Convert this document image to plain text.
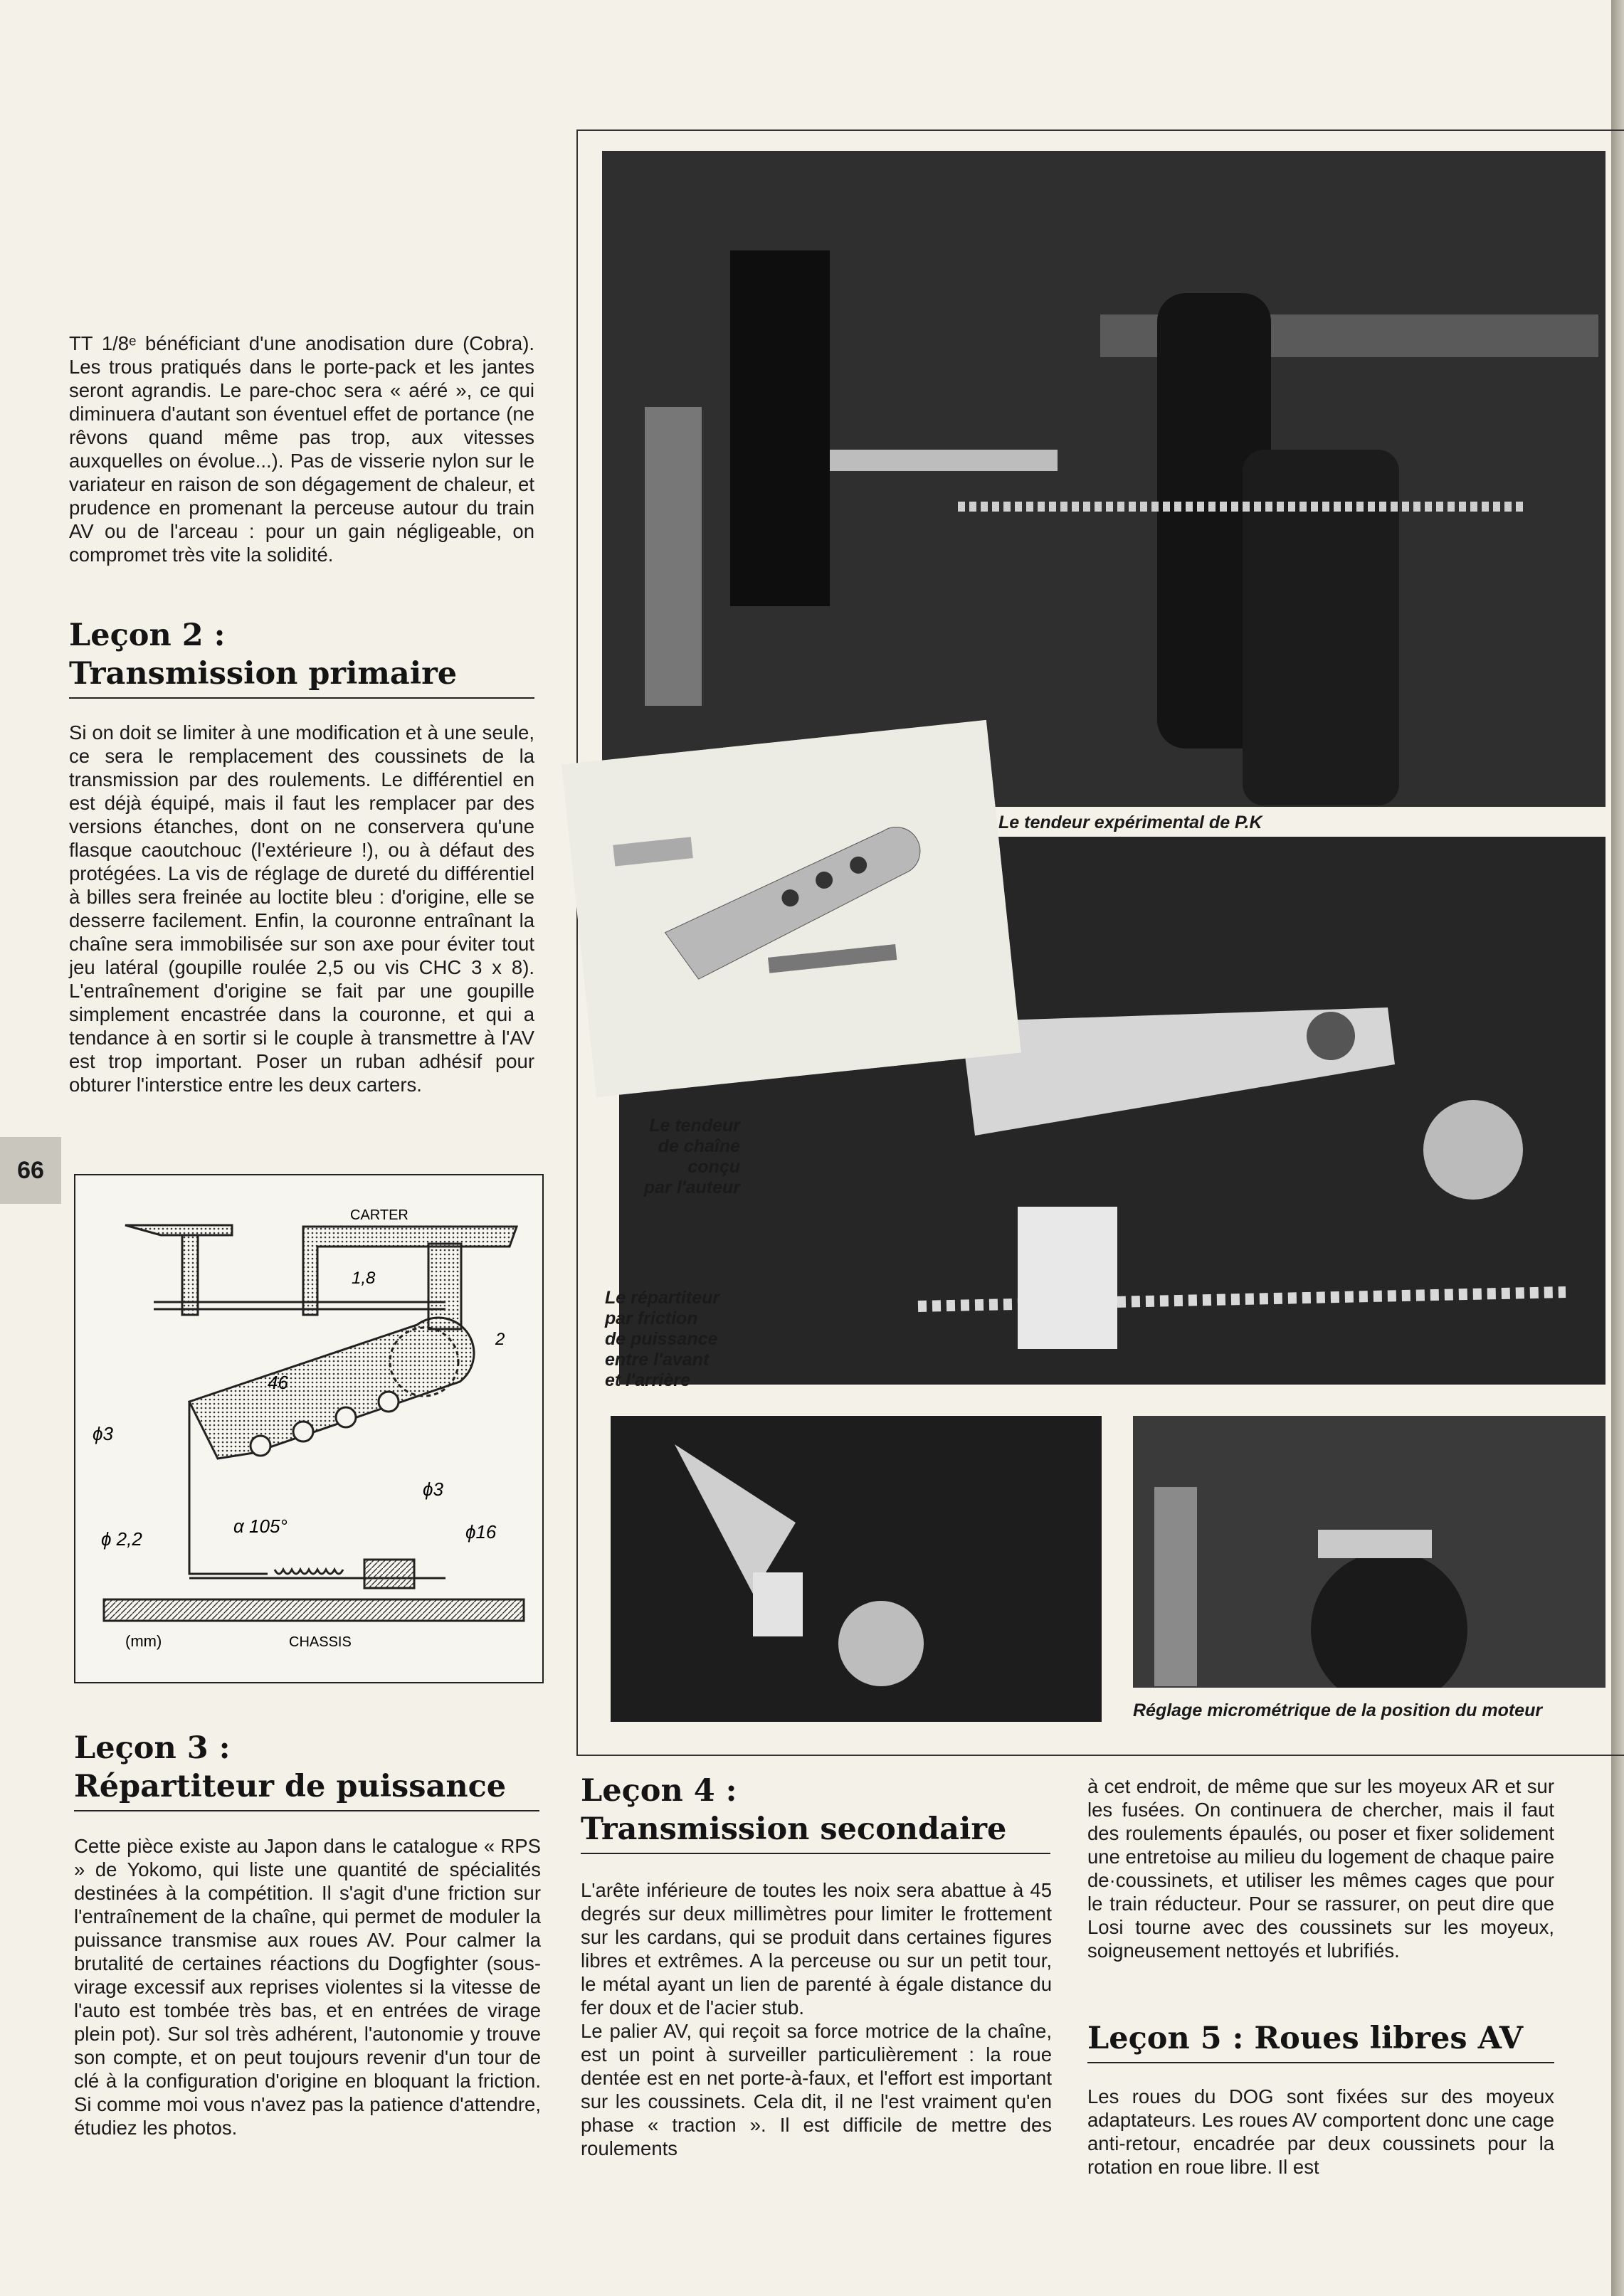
TT 1/8ᵉ bénéficiant d'une anodisation dure (Cobra). Les trous pratiqués dans le porte-pack et les jantes seront agrandis. Le pare-choc sera « aéré », ce qui diminuera d'autant son éventuel effet de portance (ne rêvons quand même pas trop, aux vitesses auxquelles on évolue...). Pas de visserie nylon sur le variateur en raison de son dégagement de chaleur, et prudence en promenant la perceuse autour du train AV ou de l'arceau : pour un gain négligeable, on compromet très vite la solidité.

Leçon 2 :
Transmission primaire

Si on doit se limiter à une modification et à une seule, ce sera le remplacement des coussinets de la transmission par des roulements. Le différentiel en est déjà équipé, mais il faut les remplacer par des versions étanches, dont on ne conservera qu'une flasque caoutchouc (l'extérieure !), ou à défaut des protégées. La vis de réglage de dureté du différentiel à billes sera freinée au loctite bleu : d'origine, elle se desserre facilement. Enfin, la couronne entraînant la chaîne sera immobilisée sur son axe pour éviter tout jeu latéral (goupille roulée 2,5 ou vis CHC 3 x 8). L'entraînement d'origine se fait par une goupille simplement encastrée dans la couronne, et qui a tendance à en sortir si le couple à transmettre à l'AV est trop important. Poser un ruban adhésif pour obturer l'interstice entre les deux carters.

66
CARTER
1,8
2
46
ϕ3
ϕ3
ϕ 2,2
α 105°	ϕ16
(mm)	CHASSIS
Leçon 3 :
Répartiteur de puissance

Cette pièce existe au Japon dans le catalogue « RPS » de Yokomo, qui liste une quantité de spécialités destinées à la compétition. Il s'agit d'une friction sur l'entraînement de la chaîne, qui permet de moduler la puissance transmise aux roues AV. Pour calmer la brutalité de certaines réactions du Dogfighter (sous-virage excessif aux reprises violentes si la vitesse de l'auto est tombée très bas, et en entrées de virage plein pot). Sur sol très adhérent, l'autonomie y trouve son compte, et on peut toujours revenir d'un tour de clé à la configuration d'origine en bloquant la friction. Si comme moi vous n'avez pas la patience d'attendre, étudiez les photos.

Le tendeur expérimental de P.K
Le tendeur
de chaîne
conçu
par l'auteur
Le répartiteur
par friction
de puissance
entre l'avant
et l'arrière
Réglage micrométrique de la position du moteur
Leçon 4 :
Transmission secondaire

L'arête inférieure de toutes les noix sera abattue à 45 degrés sur deux millimètres pour limiter le frottement sur les cardans, qui se produit dans certaines figures libres et extrêmes. A la perceuse ou sur un petit tour, le métal ayant un lien de parenté à égale distance du fer doux et de l'acier stub.

Le palier AV, qui reçoit sa force motrice de la chaîne, est un point à surveiller particulièrement : la roue dentée est en net porte-à-faux, et l'effort est important sur les coussinets. Cela dit, il ne l'est vraiment qu'en phase « traction ». Il est difficile de mettre des roulements

à cet endroit, de même que sur les moyeux AR et sur les fusées. On continuera de chercher, mais il faut des roulements épaulés, ou poser et fixer solidement une entretoise au milieu du logement de chaque paire de·coussinets, et utiliser les mêmes cages que pour le train réducteur. Pour se rassurer, on peut dire que Losi tourne avec des coussinets sur les moyeux, soigneusement nettoyés et lubrifiés.

Leçon 5 : Roues libres AV

Les roues du DOG sont fixées sur des moyeux adaptateurs. Les roues AV comportent donc une cage anti-retour, encadrée par deux coussinets pour la rotation en roue libre. Il est
